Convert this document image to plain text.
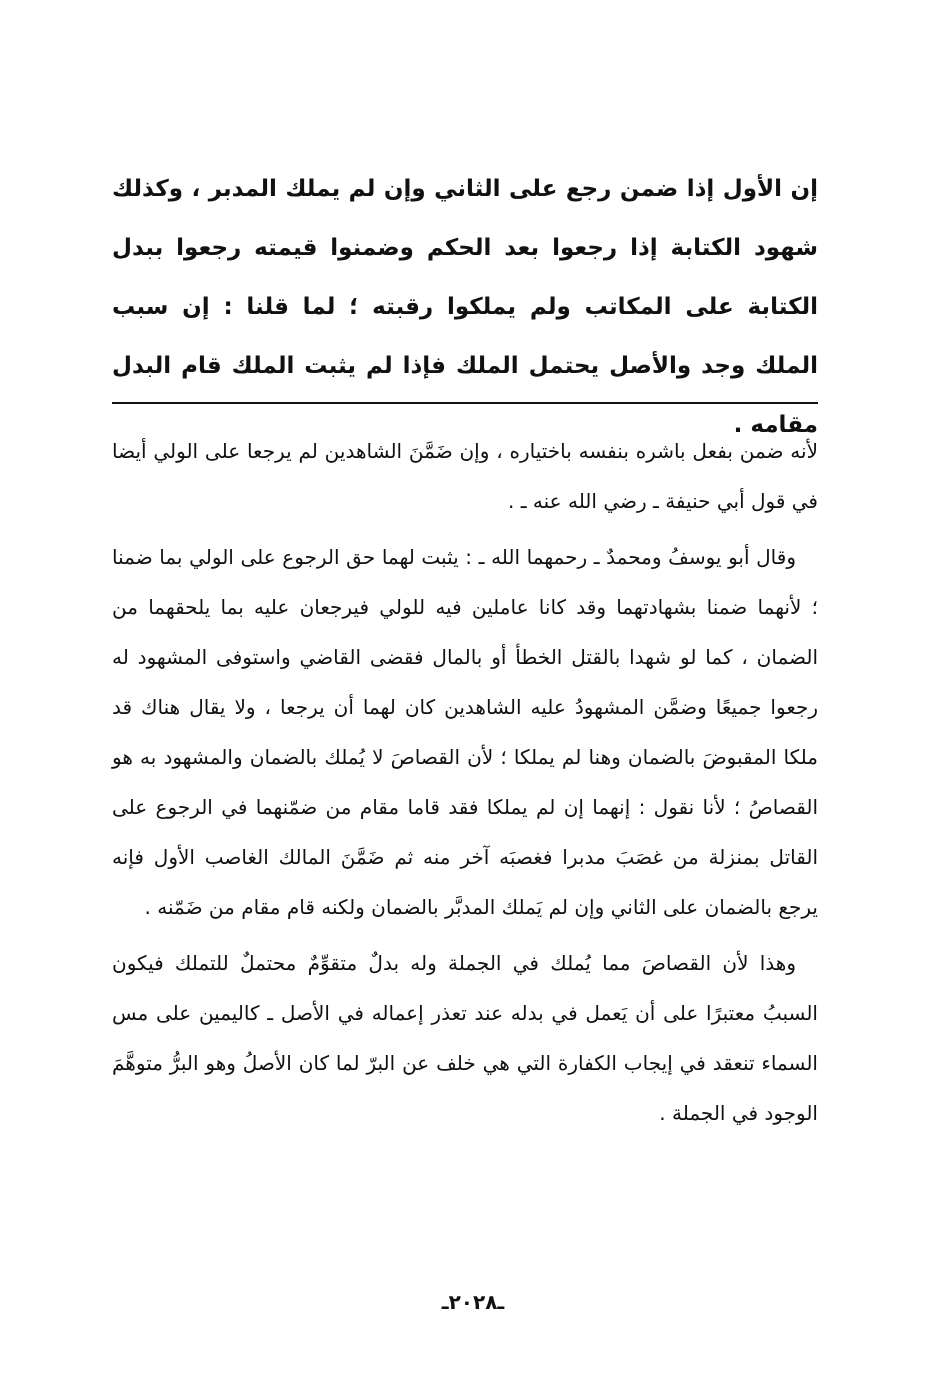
إن الأول إذا ضمن رجع على الثاني وإن لم يملك المدبر ، وكذلك شهود الكتابة إذا رجعوا بعد الحكم وضمنوا قيمته رجعوا ببدل الكتابة على المكاتب ولم يملكوا رقبته ؛ لما قلنا : إن سبب الملك وجد والأصل يحتمل الملك فإذا لم يثبت الملك قام البدل مقامه .

لأنه ضمن بفعل باشره بنفسه باختياره ، وإن ضَمَّنَ الشاهدين لم يرجعا على الولي أيضا في قول أبي حنيفة ـ رضي الله عنه ـ .

وقال أبو يوسفُ ومحمدٌ ـ رحمهما الله ـ : يثبت لهما حق الرجوع على الولي بما ضمنا ؛ لأنهما ضمنا بشهادتهما وقد كانا عاملين فيه للولي فيرجعان عليه بما يلحقهما من الضمان ، كما لو شهدا بالقتل الخطأ أو بالمال فقضى القاضي واستوفى المشهود له رجعوا جميعًا وضمَّن المشهودُ عليه الشاهدين كان لهما أن يرجعا ، ولا يقال هناك قد ملكا المقبوضَ بالضمان وهنا لم يملكا ؛ لأن القصاصَ لا يُملك بالضمان والمشهود به هو القصاصُ ؛ لأنا نقول : إنهما إن لم يملكا فقد قاما مقام من ضمّنهما في الرجوع على القاتل بمنزلة من غصَبَ مدبرا فغصبَه آخر منه ثم ضَمَّنَ المالك الغاصب الأول فإنه يرجع بالضمان على الثاني وإن لم يَملك المدبَّر بالضمان ولكنه قام مقام من ضَمّنه .

وهذا لأن القصاصَ مما يُملك في الجملة وله بدلٌ متقوِّمٌ محتملٌ للتملك فيكون السببُ معتبرًا على أن يَعمل في بدله عند تعذر إعماله في الأصل ـ كاليمين على مس السماء تنعقد في إيجاب الكفارة التي هي خلف عن البرّ لما كان الأصلُ وهو البرُّ متوهَّمَ الوجود في الجملة .

ـ٢٠٢٨ـ
